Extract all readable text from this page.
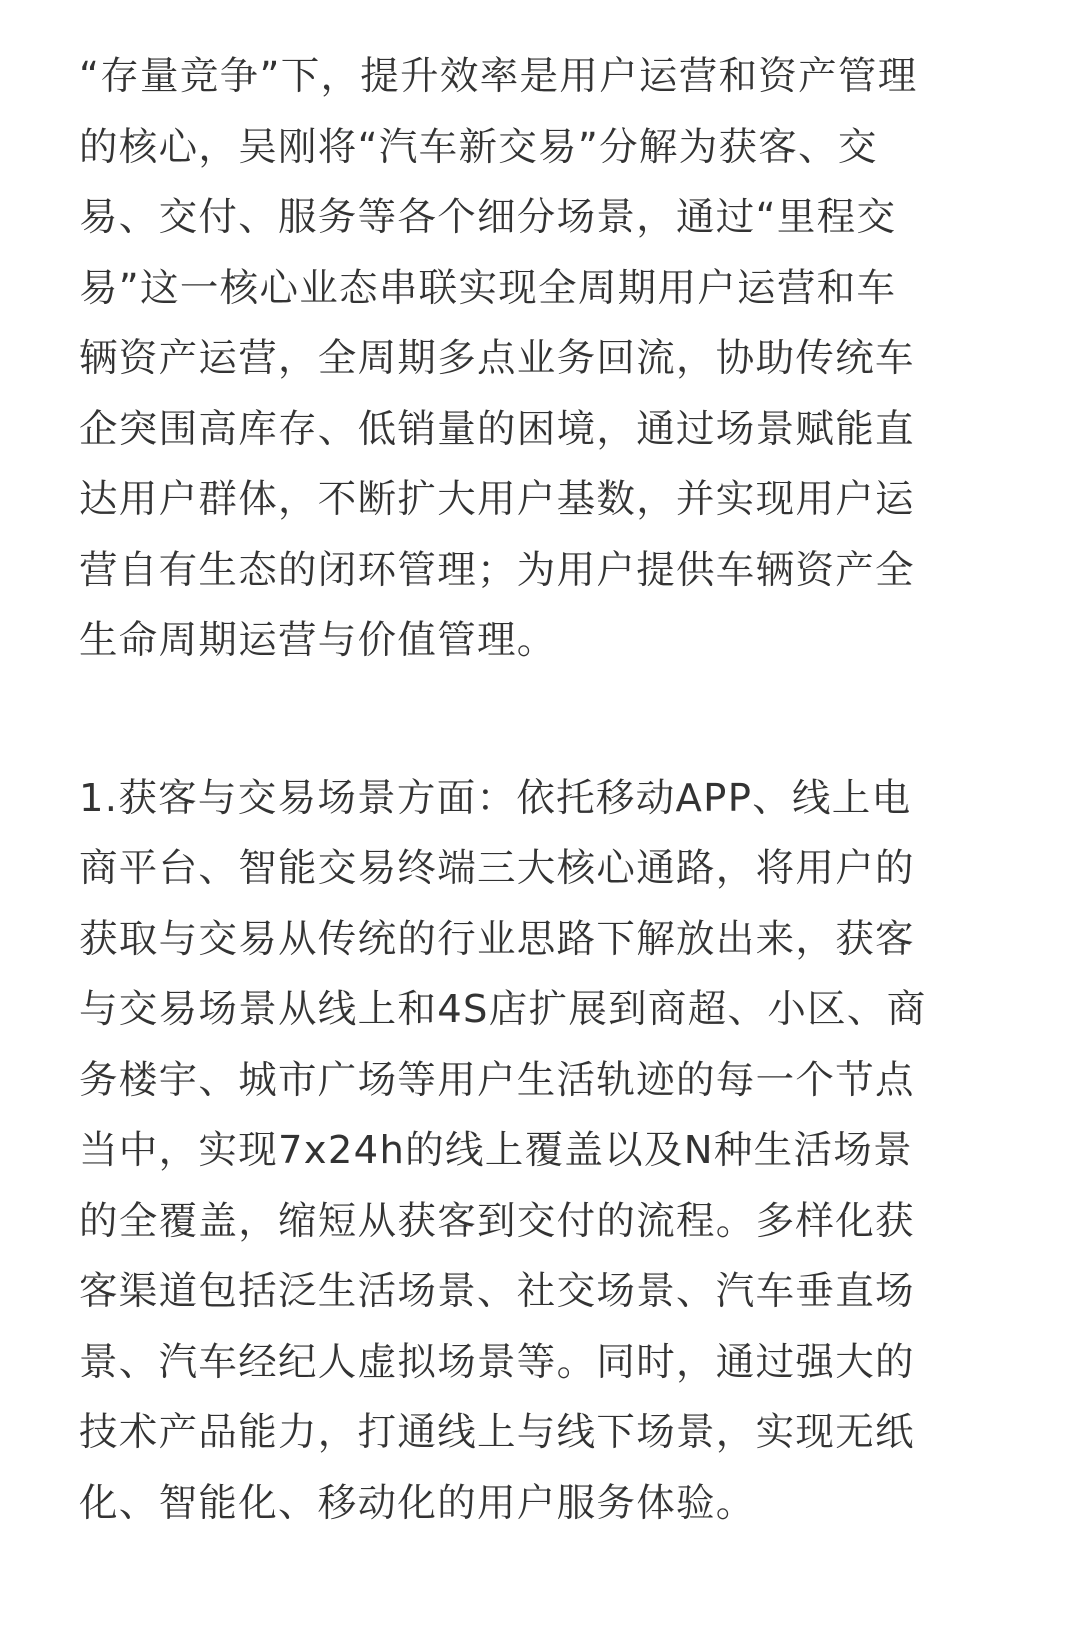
“存量竞争”下，提升效率是用户运营和资产管理
的核心，吴刚将“汽车新交易”分解为获客、交
易、交付、服务等各个细分场景，通过“里程交
易”这一核心业态串联实现全周期用户运营和车
辆资产运营，全周期多点业务回流，协助传统车
企突围高库存、低销量的困境，通过场景赋能直
达用户群体，不断扩大用户基数，并实现用户运
营自有生态的闭环管理；为用户提供车辆资产全
生命周期运营与价值管理。

1.获客与交易场景方面：依托移动APP、线上电
商平台、智能交易终端三大核心通路，将用户的
获取与交易从传统的行业思路下解放出来，获客
与交易场景从线上和4S店扩展到商超、小区、商
务楼宇、城市广场等用户生活轨迹的每一个节点
当中，实现7x24h的线上覆盖以及N种生活场景
的全覆盖，缩短从获客到交付的流程。多样化获
客渠道包括泛生活场景、社交场景、汽车垂直场
景、汽车经纪人虚拟场景等。同时，通过强大的
技术产品能力，打通线上与线下场景，实现无纸
化、智能化、移动化的用户服务体验。
